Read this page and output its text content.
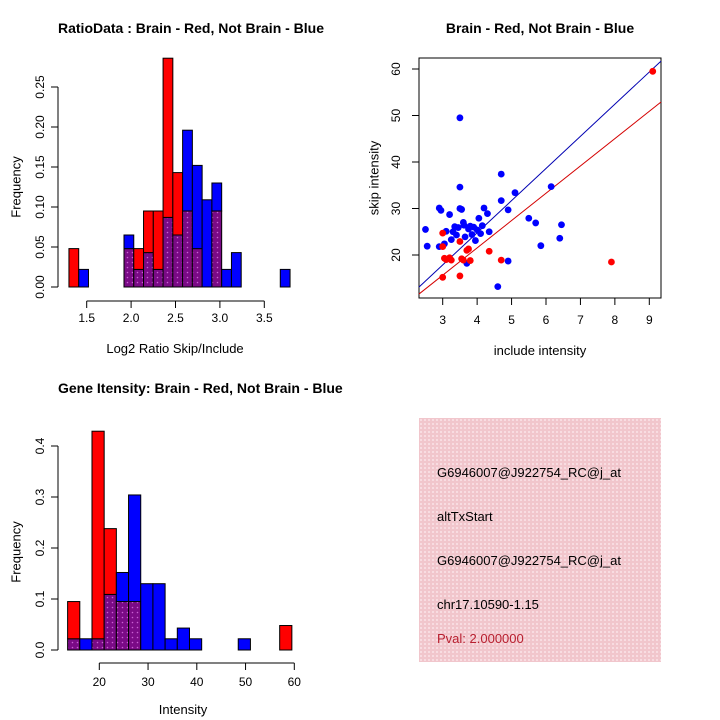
0.00
0.05
0.10
0.15
0.20
0.25
1.5 2.0 2.5 3.0 3.5
RatioData : Brain - Red, Not Brain - Blue
Log2 Ratio Skip/Include
Frequency
3 4 5 6 7 8 9
20
30
40
50
60
Brain - Red, Not Brain - Blue
include intensity
skip intensity
0.0
0.1
0.2
0.3
0.4
20	30	40	50	60
Gene Itensity: Brain - Red, Not Brain - Blue
Intensity
Frequency
G6946007@J922754_RC@j_at
altTxStart
G6946007@J922754_RC@j_at
chr17.10590-1.15
Pval: 2.000000
